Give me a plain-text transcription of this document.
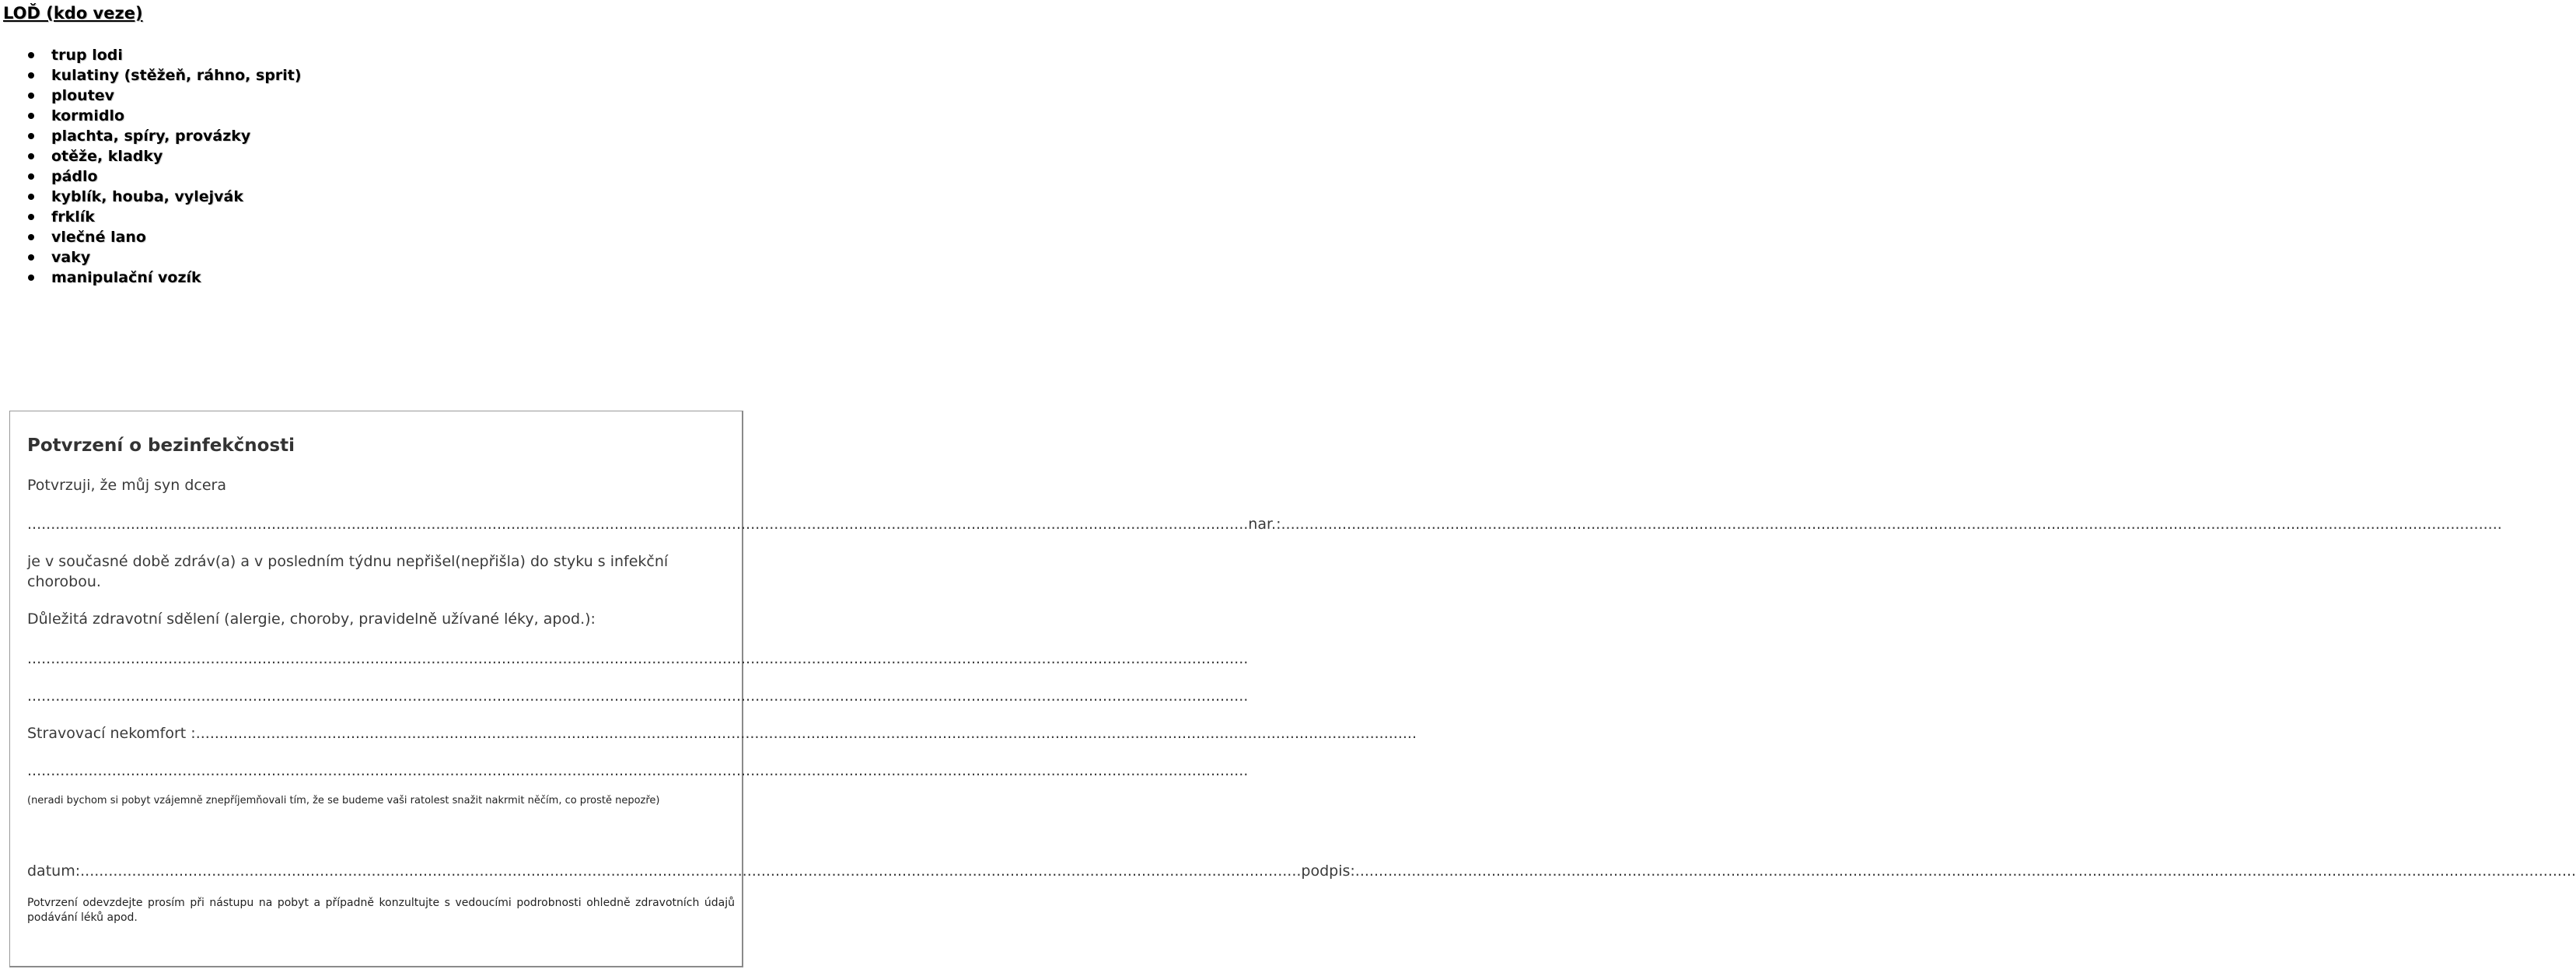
LOĎ (kdo veze)
trup lodi
kulatiny (stěžeň, ráhno, sprit)
ploutev
kormidlo
plachta, spíry, provázky
otěže, kladky
pádlo
kyblík, houba, vylejvák
frklík
vlečné lano
vaky
manipulační vozík
Potvrzení o bezinfekčnosti

Potvrzuji, že můj syn dcera

.................................................................................................................................................................................................................................................................... nar.: ....................................................................................................................................................................................................................................................................

je v současné době zdráv(a) a v posledním týdnu nepřišel(nepřišla) do styku s infekční chorobou.

Důležitá zdravotní sdělení (alergie, choroby, pravidelně užívané léky, apod.):

....................................................................................................................................................................................................................................................................
....................................................................................................................................................................................................................................................................
Stravovací nekomfort : ....................................................................................................................................................................................................................................................................
....................................................................................................................................................................................................................................................................

(neradi bychom si pobyt vzájemně znepříjemňovali tím, že se budeme vaši ratolest snažit nakrmit něčím, co prostě nepozře)

datum: .................................................................................................................................................................................................................................................................... podpis: ....................................................................................................................................................................................................................................................................

Potvrzení odevzdejte prosím při nástupu na pobyt a případně konzultujte s vedoucími podrobnosti ohledně zdravotních údajů podávání léků apod.
